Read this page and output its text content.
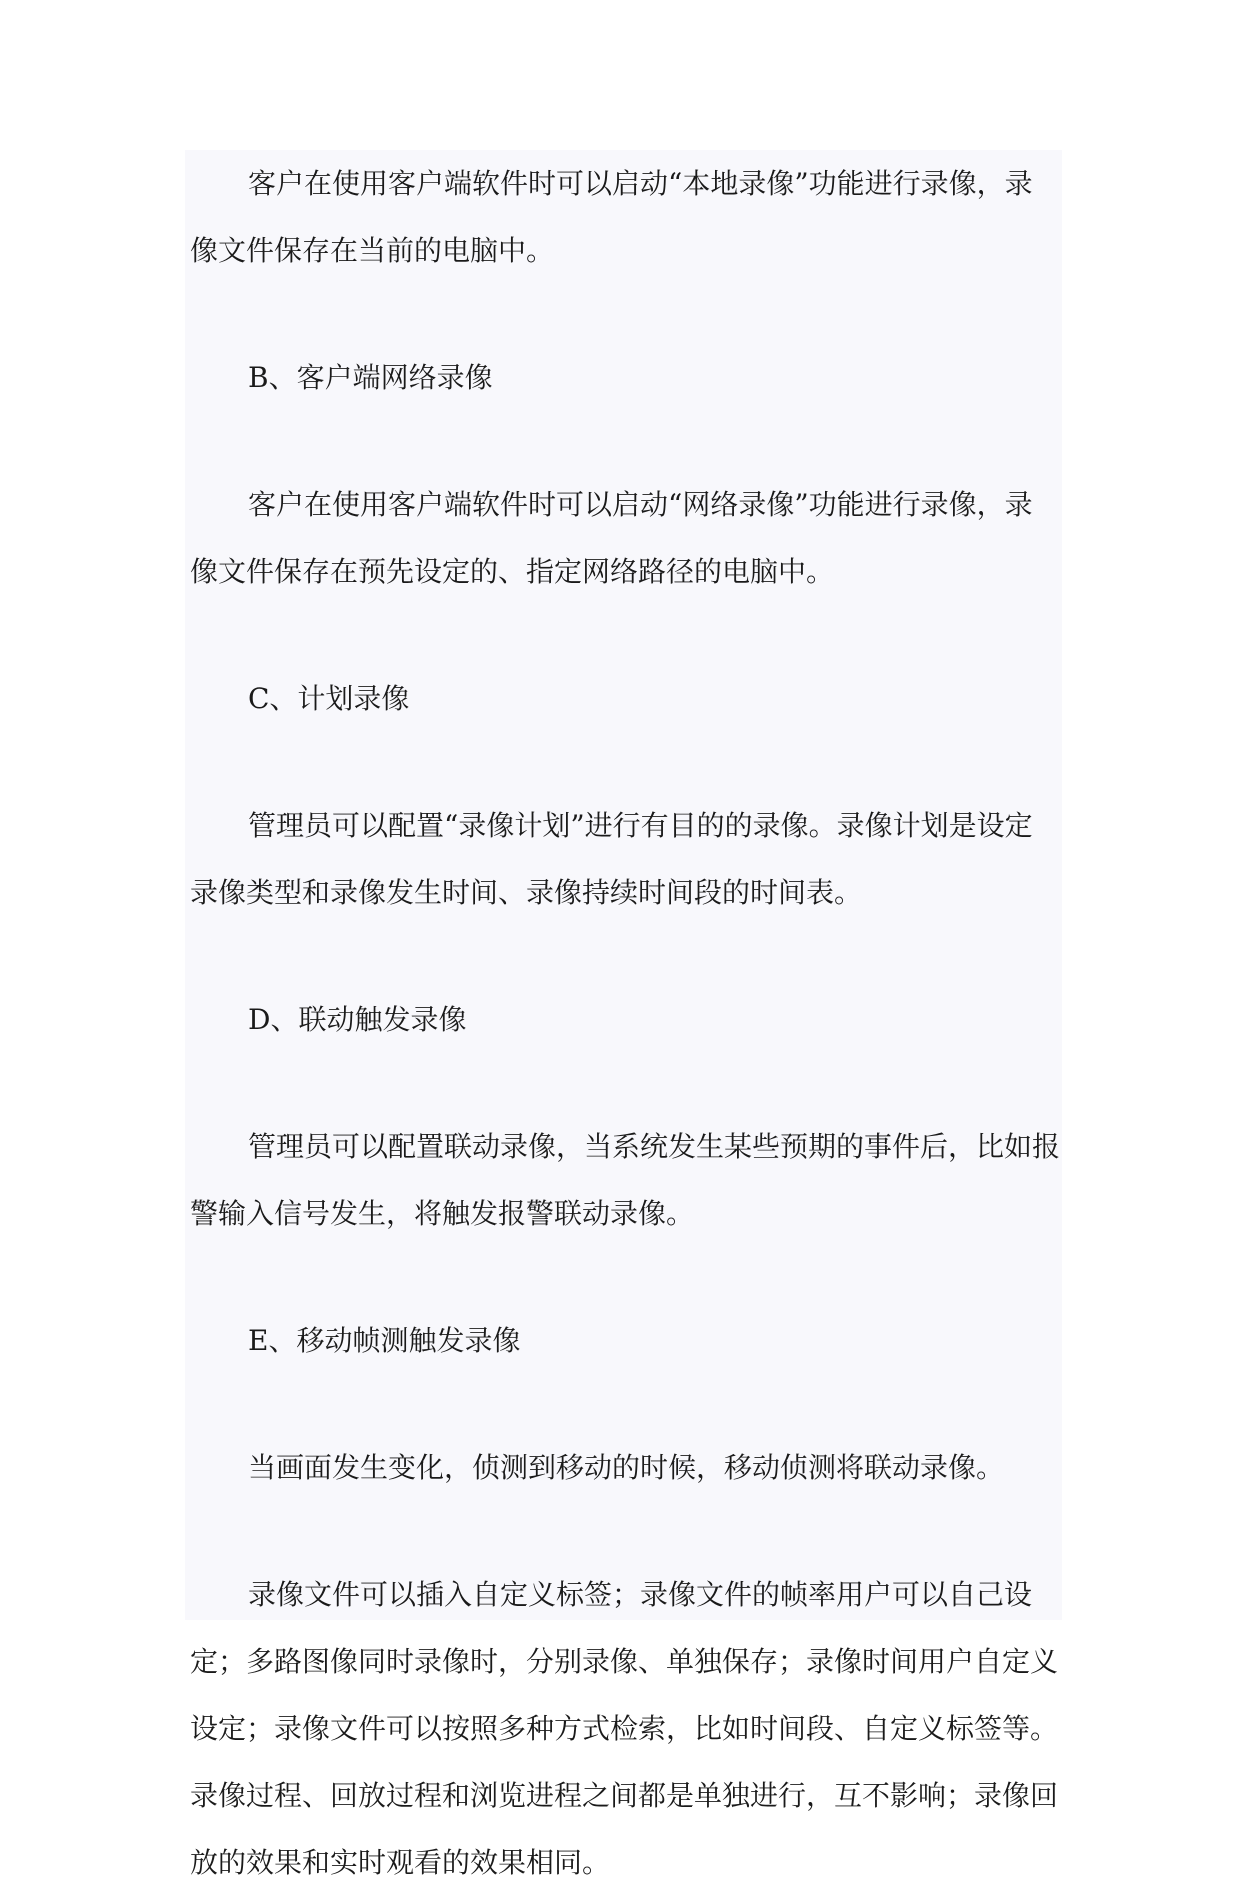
客户在使用客户端软件时可以启动“本地录像”功能进行录像，录像文件保存在当前的电脑中。

B、客户端网络录像

客户在使用客户端软件时可以启动“网络录像”功能进行录像，录像文件保存在预先设定的、指定网络路径的电脑中。

C、计划录像

管理员可以配置“录像计划”进行有目的的录像。录像计划是设定录像类型和录像发生时间、录像持续时间段的时间表。

D、联动触发录像

管理员可以配置联动录像，当系统发生某些预期的事件后，比如报警输入信号发生，将触发报警联动录像。

E、移动帧测触发录像

当画面发生变化，侦测到移动的时候，移动侦测将联动录像。

录像文件可以插入自定义标签；录像文件的帧率用户可以自己设定；多路图像同时录像时，分别录像、单独保存；录像时间用户自定义设定；录像文件可以按照多种方式检索，比如时间段、自定义标签等。录像过程、回放过程和浏览进程之间都是单独进行，互不影响；录像回放的效果和实时观看的效果相同。
